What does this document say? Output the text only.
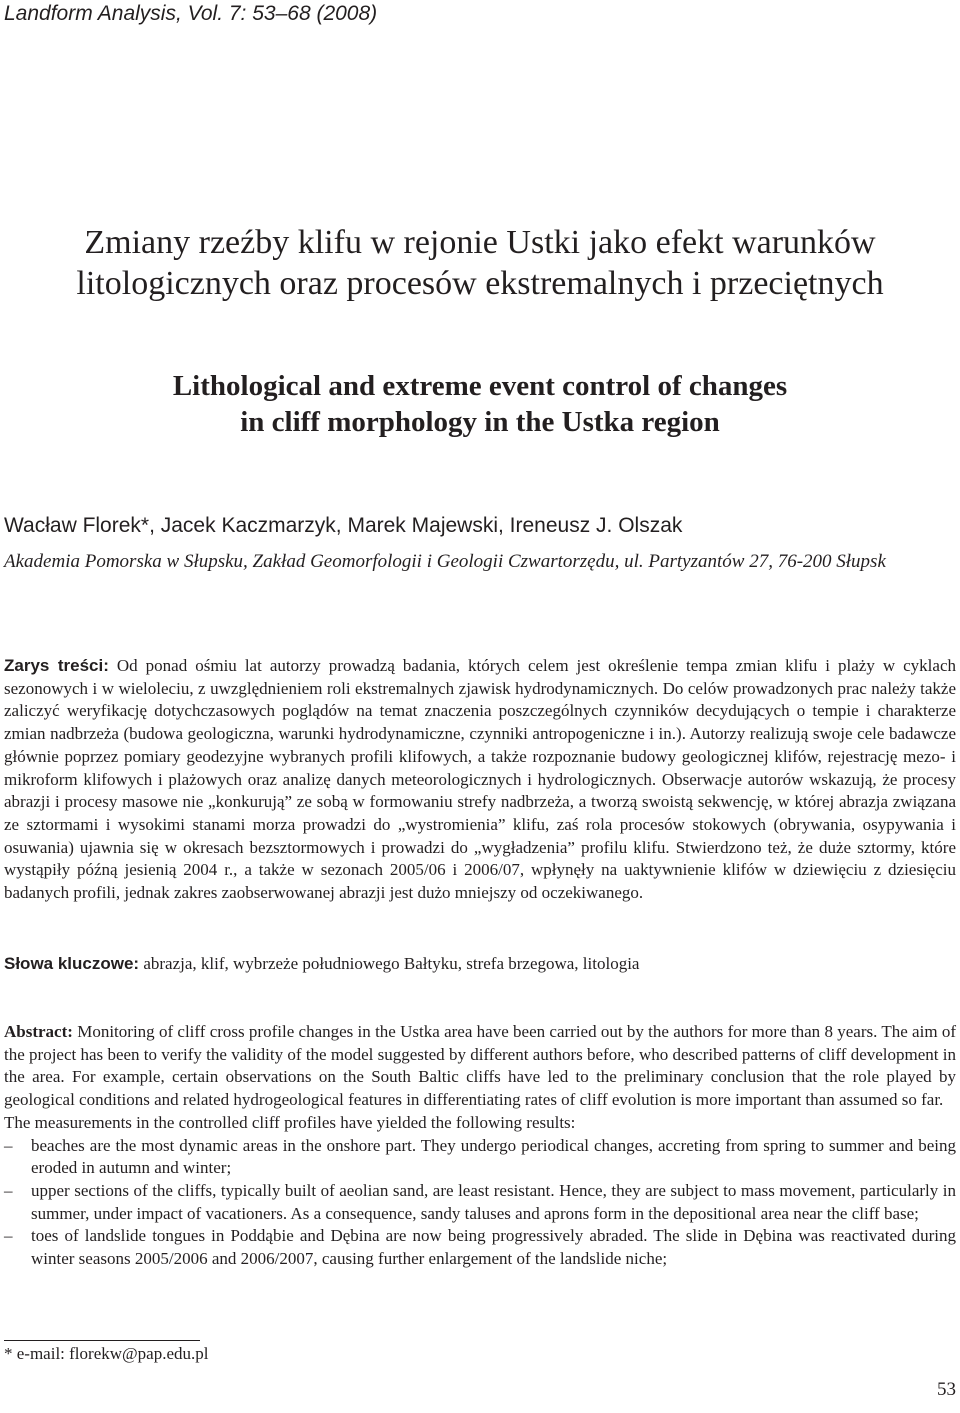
Landform Analysis, Vol. 7: 53–68 (2008)
Zmiany rzeźby klifu w rejonie Ustki jako efekt warunków
litologicznych oraz procesów ekstremalnych i przeciętnych
Lithological and extreme event control of changes
in cliff morphology in the Ustka region
Wacław Florek*, Jacek Kaczmarzyk, Marek Majewski, Ireneusz J. Olszak
Akademia Pomorska w Słupsku, Zakład Geomorfologii i Geologii Czwartorzędu, ul. Partyzantów 27, 76-200 Słupsk

Zarys treści: Od ponad ośmiu lat autorzy prowadzą badania, których celem jest określenie tempa zmian klifu i plaży w cyklach sezonowych i w wieloleciu, z uwzględnieniem roli ekstremalnych zjawisk hydrodynamicznych. Do celów prowadzonych prac należy także zaliczyć weryfikację dotychczasowych poglądów na temat znaczenia poszczególnych czynników decydujących o tempie i charakterze zmian nadbrzeża (budowa geologiczna, warunki hydrodynamiczne, czynniki antropogeniczne i in.). Autorzy realizują swoje cele badawcze głównie poprzez pomiary geodezyjne wybranych profili klifowych, a także rozpoznanie budowy geologicznej klifów, rejestrację mezo- i mikroform klifowych i plażowych oraz analizę danych meteorologicznych i hydrologicznych. Obserwacje autorów wskazują, że procesy abrazji i procesy masowe nie „konkurują” ze sobą w formowaniu strefy nadbrzeża, a tworzą swoistą sekwencję, w której abrazja związana ze sztormami i wysokimi stanami morza prowadzi do „wystromienia” klifu, zaś rola procesów stokowych (obrywania, osypywania i osuwania) ujawnia się w okresach bezsztormowych i prowadzi do „wygładzenia” profilu klifu. Stwierdzono też, że duże sztormy, które wystąpiły późną jesienią 2004 r., a także w sezonach 2005/06 i 2006/07, wpłynęły na uaktywnienie klifów w dziewięciu z dziesięciu badanych profili, jednak zakres zaobserwowanej abrazji jest dużo mniejszy od oczekiwanego.

Słowa kluczowe: abrazja, klif, wybrzeże południowego Bałtyku, strefa brzegowa, litologia

Abstract: Monitoring of cliff cross profile changes in the Ustka area have been carried out by the authors for more than 8 years. The aim of the project has been to verify the validity of the model suggested by different authors before, who described patterns of cliff development in the area. For example, certain observations on the South Baltic cliffs have led to the preliminary conclusion that the role played by geological conditions and related hydrogeological features in differentiating rates of cliff evolution is more important than assumed so far.

The measurements in the controlled cliff profiles have yielded the following results:

– beaches are the most dynamic areas in the onshore part. They undergo periodical changes, accreting from spring to summer and being eroded in autumn and winter;
– upper sections of the cliffs, typically built of aeolian sand, are least resistant. Hence, they are subject to mass movement, particularly in summer, under impact of vacationers. As a consequence, sandy taluses and aprons form in the depositional area near the cliff base;
– toes of landslide tongues in Poddąbie and Dębina are now being progressively abraded. The slide in Dębina was reactivated during winter seasons 2005/2006 and 2006/2007, causing further enlargement of the landslide niche;
* e-mail: florekw@pap.edu.pl
53
